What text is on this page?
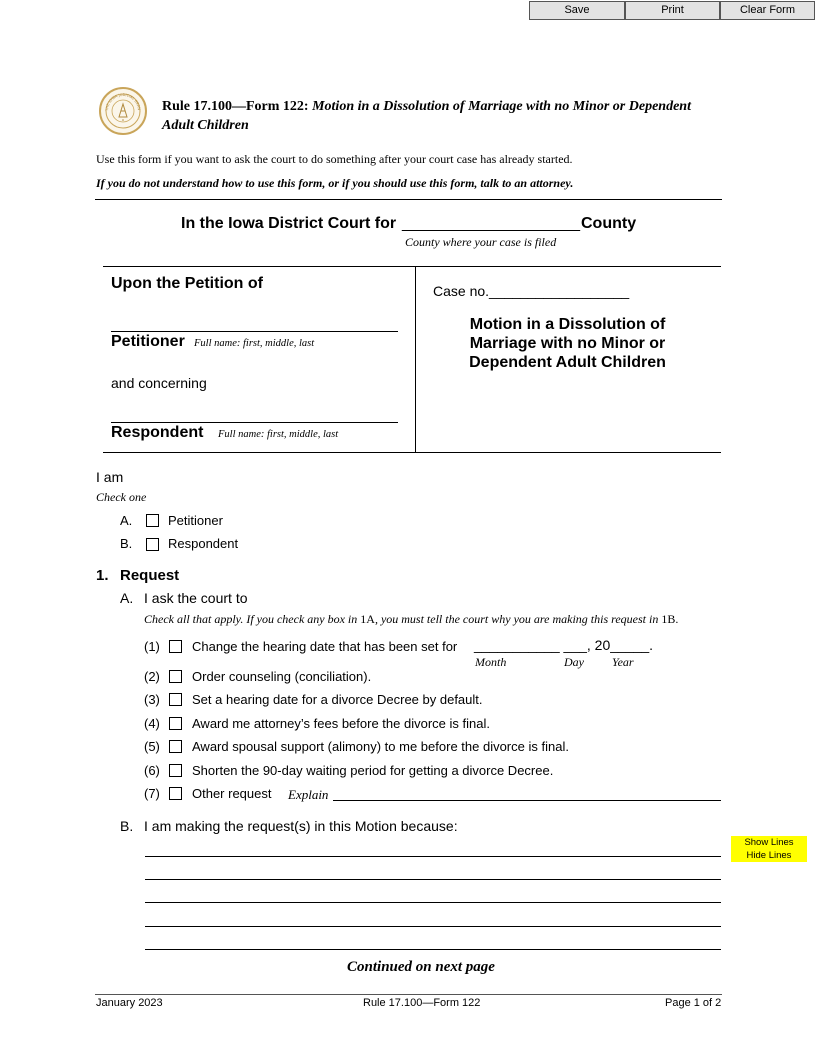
Save	Print	Clear Form
THE IOWA JUDICIAL BRAN Rule 17.100—Form 122: Motion in a Dissolution of Marriage with no Minor or Dependent
Adult Children
Use this form if you want to ask the court to do something after your court case has already started.
If you do not understand how to use this form, or if you should use this form, talk to an attorney.
In the Iowa District Court for ____________________ County
County where your case is filed
Upon the Petition of
Petitioner Full name: first, middle, last
and concerning
Respondent Full name: first, middle, last
Case no.__________________
Motion in a Dissolution of
Marriage with no Minor or
Dependent Adult Children
I am
Check one
A.	Petitioner
B.	Respondent
1. Request
A. I ask the court to
Check all that apply. If you check any box in 1A, you must tell the court why you are making this request in 1B.
(1) Change the hearing date that has been set for ___________ ___, 20_____.
Month	Day Year
(2) Order counseling (conciliation).
(3) Set a hearing date for a divorce Decree by default.
(4) Award me attorney’s fees before the divorce is final.
(5) Award spousal support (alimony) to me before the divorce is final.
(6) Shorten the 90-day waiting period for getting a divorce Decree.
(7) Other request Explain
B. I am making the request(s) in this Motion because:
Show Lines
Hide Lines
Continued on next page
January 2023	Rule 17.100—Form 122	Page 1 of 2
